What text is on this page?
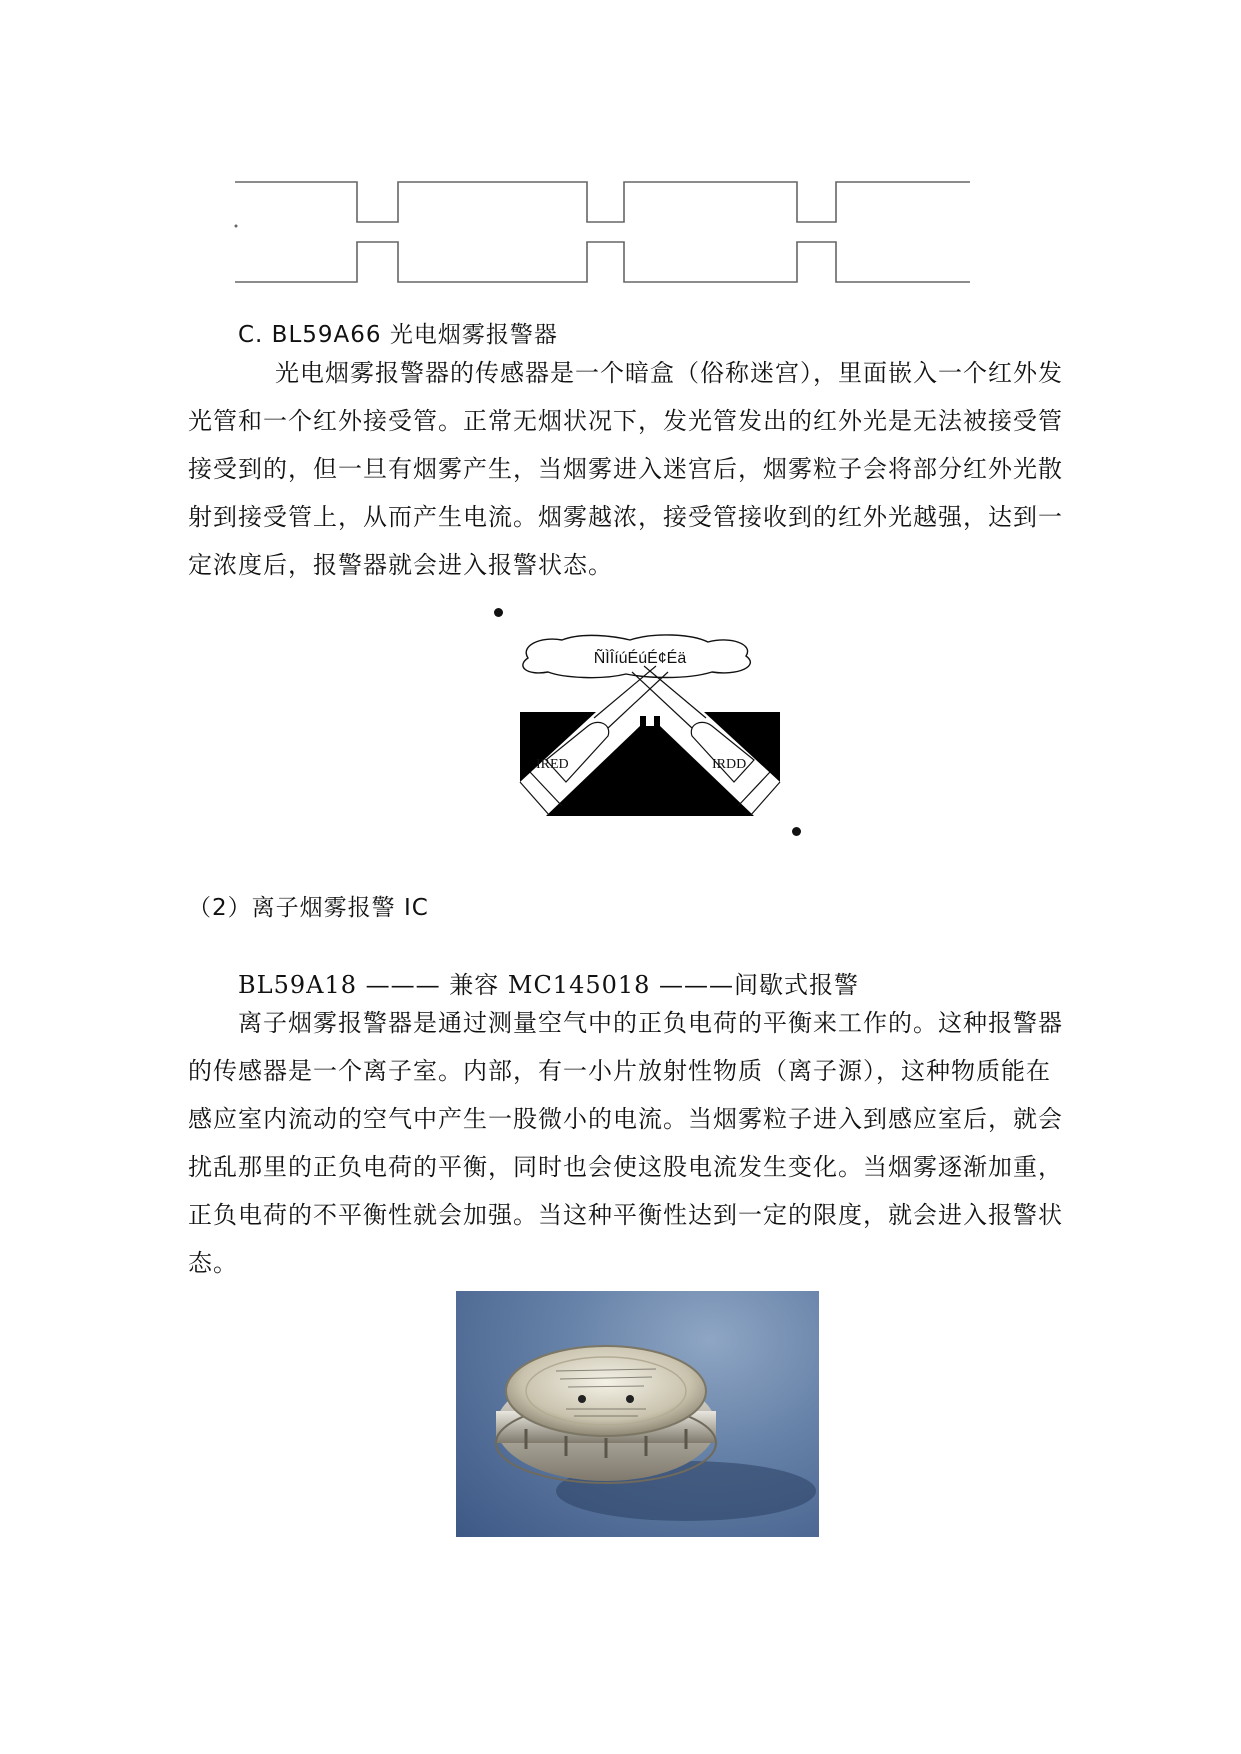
C. BL59A66 光电烟雾报警器
光电烟雾报警器的传感器是一个暗盒（俗称迷宫），里面嵌入一个红外发
光管和一个红外接受管。正常无烟状况下，发光管发出的红外光是无法被接受管
接受到的，但一旦有烟雾产生，当烟雾进入迷宫后，烟雾粒子会将部分红外光散
射到接受管上，从而产生电流。烟雾越浓，接受管接收到的红外光越强，达到一
定浓度后，报警器就会进入报警状态。
ÑÌÎíúÉúÉ¢Éä
IRED	IRDD
（2）离子烟雾报警 IC
BL59A18 ——— 兼容 MC145018 ———间歇式报警
离子烟雾报警器是通过测量空气中的正负电荷的平衡来工作的。这种报警器
的传感器是一个离子室。内部，有一小片放射性物质（离子源），这种物质能在
感应室内流动的空气中产生一股微小的电流。当烟雾粒子进入到感应室后，就会
扰乱那里的正负电荷的平衡，同时也会使这股电流发生变化。当烟雾逐渐加重，
正负电荷的不平衡性就会加强。当这种平衡性达到一定的限度，就会进入报警状
态。
